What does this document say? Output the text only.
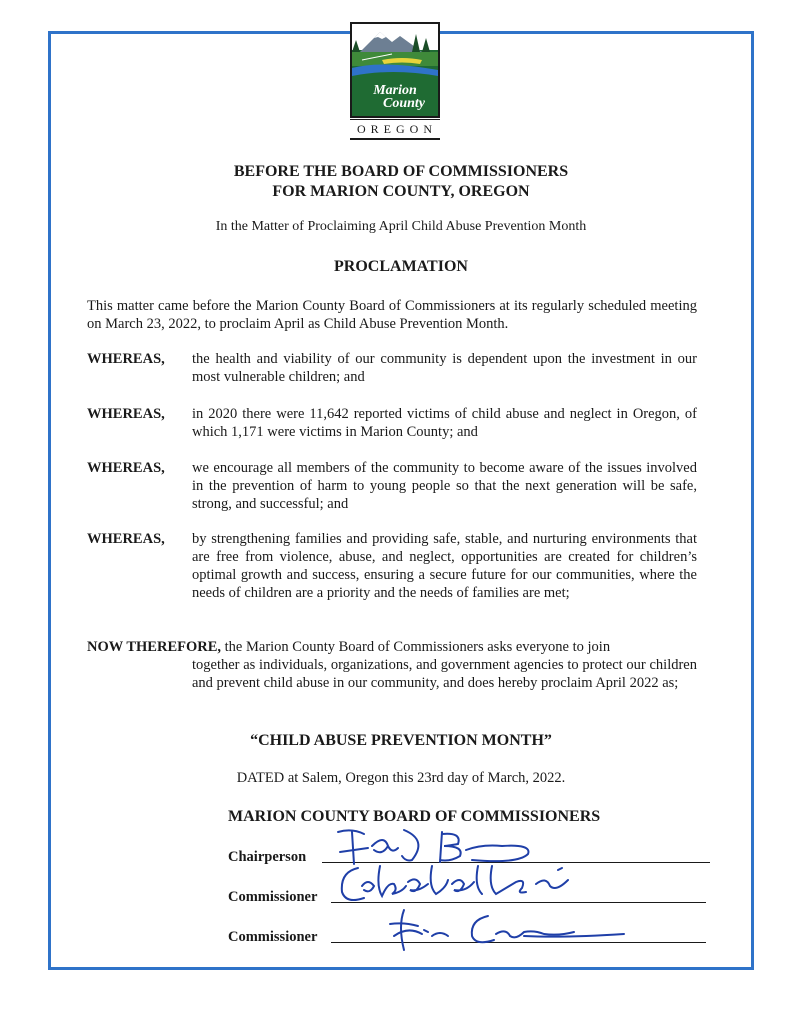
Marion
County
OREGON
BEFORE THE BOARD OF COMMISSIONERS
FOR MARION COUNTY, OREGON
In the Matter of Proclaiming April Child Abuse Prevention Month
PROCLAMATION
This matter came before the Marion County Board of Commissioners at its regularly scheduled meeting on March 23, 2022, to proclaim April as Child Abuse Prevention Month.
WHEREAS, the health and viability of our community is dependent upon the investment in our most vulnerable children; and
WHEREAS, in 2020 there were 11,642 reported victims of child abuse and neglect in Oregon, of which 1,171 were victims in Marion County; and
WHEREAS, we encourage all members of the community to become aware of the issues involved in the prevention of harm to young people so that the next generation will be safe, strong, and successful; and
WHEREAS, by strengthening families and providing safe, stable, and nurturing environments that are free from violence, abuse, and neglect, opportunities are created for children’s optimal growth and success, ensuring a secure future for our communities, where the needs of children are a priority and the needs of families are met;
NOW THEREFORE, the Marion County Board of Commissioners asks everyone to join
together as individuals, organizations, and government agencies to protect our children and prevent child abuse in our community, and does hereby proclaim April 2022 as;
“CHILD ABUSE PREVENTION MONTH”
DATED at Salem, Oregon this 23rd day of March, 2022.
MARION COUNTY BOARD OF COMMISSIONERS
Chairperson
Commissioner
Commissioner
